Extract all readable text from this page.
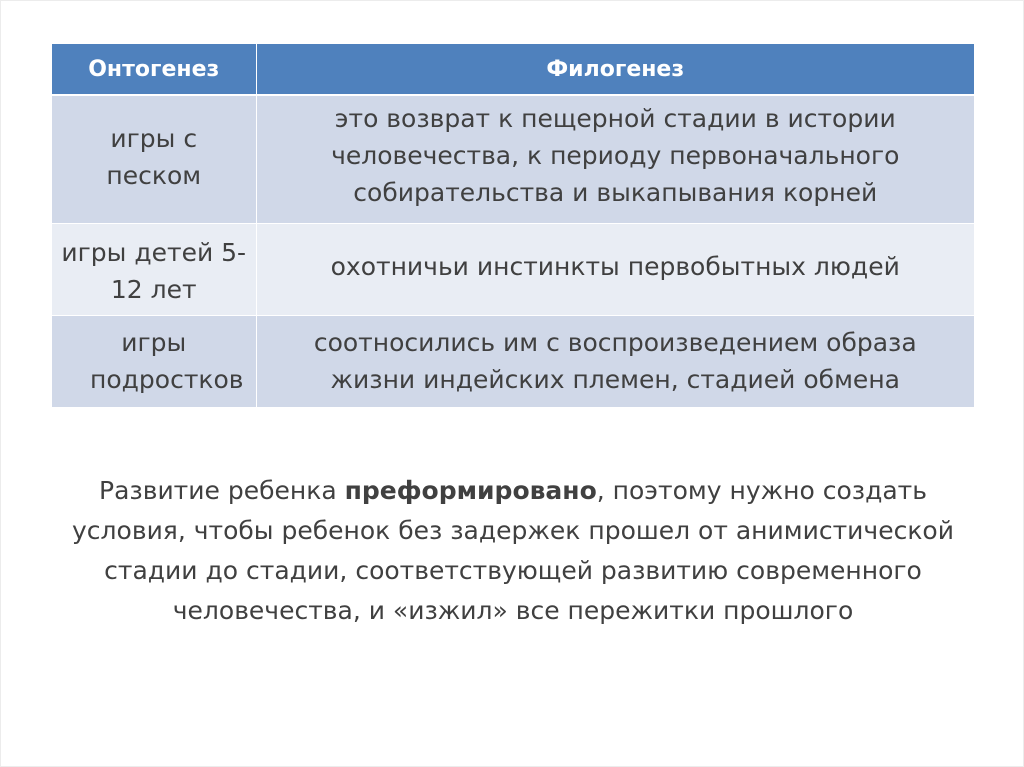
Онтогенез	Филогенез

игры с песком	это возврат к пещерной стадии в истории человечества, к периоду первоначального собирательства и выкапывания корней

игры детей 5-12 лет	охотничьи инстинкты первобытных людей

игры подростков	соотносились им с воспроизведением образа жизни индейских племен, стадией обмена

Развитие ребенка преформировано, поэтому нужно создать условия, чтобы ребенок без задержек прошел от анимистической стадии до стадии, соответствующей развитию современного человечества, и «изжил» все пережитки прошлого
